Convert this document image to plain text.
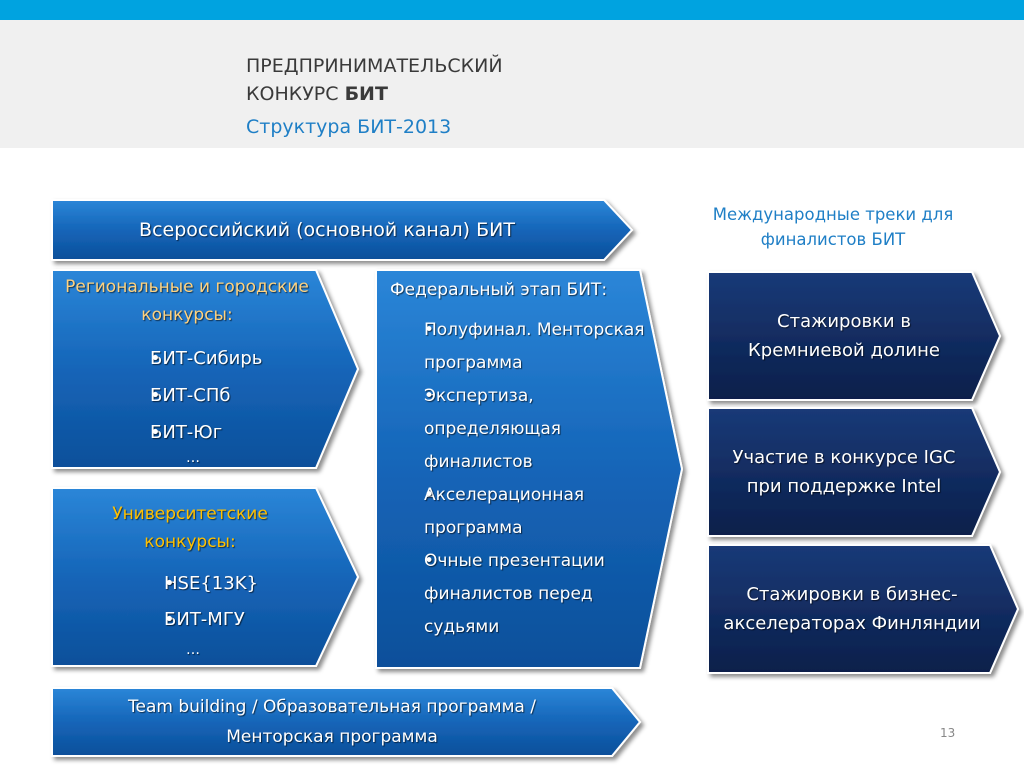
ПРЕДПРИНИМАТЕЛЬСКИЙ
КОНКУРС БИТ
Структура БИТ-2013
Всероссийский (основной канал) БИТ
Региональные и городские конкурсы:
• БИТ-Сибирь
• БИТ-СПб
• БИТ-Юг
…
Университетские конкурсы:
• HSE{13K}
• БИТ-МГУ
…
Федеральный этап БИТ:
• Полуфинал. Менторская программа
• Экспертиза, определяющая финалистов
• Акселерационная программа
• Очные презентации финалистов перед судьями
Международные треки для финалистов БИТ
Стажировки в Кремниевой долине
Участие в конкурсе IGC при поддержке Intel
Стажировки в бизнес-акселераторах Финляндии
Team building / Образовательная программа / Менторская программа	13
